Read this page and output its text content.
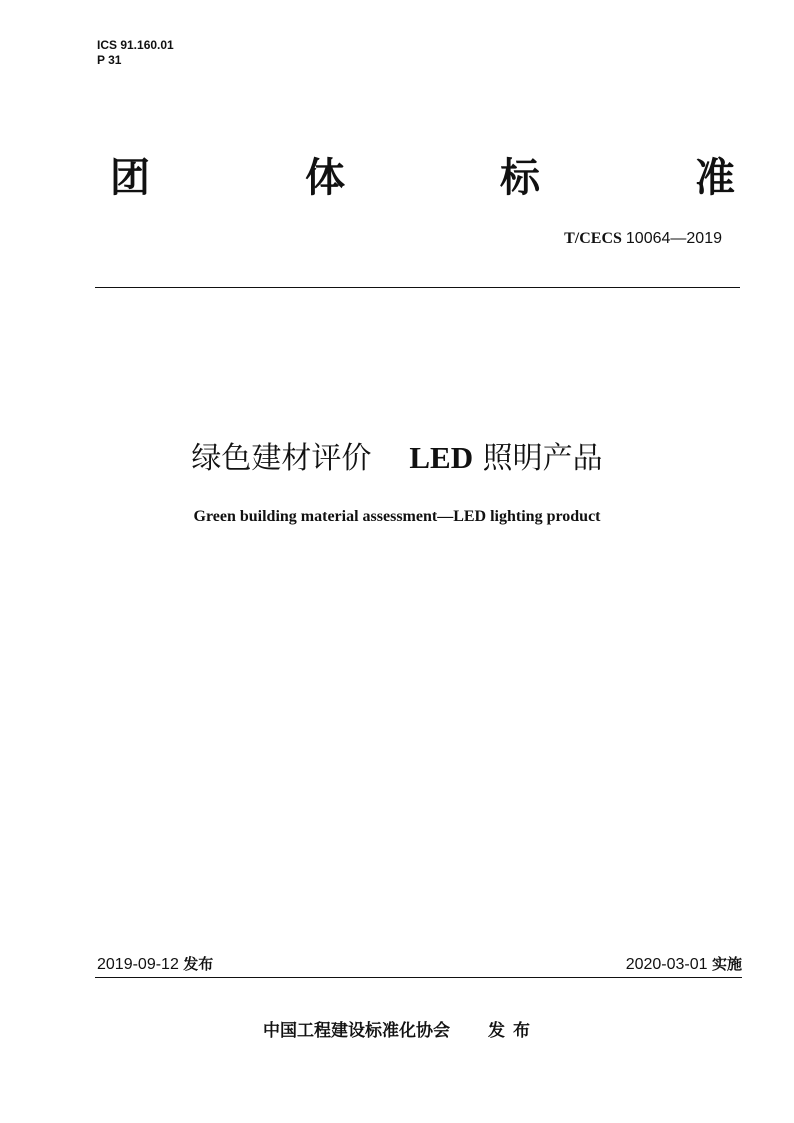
ICS 91.160.01
P 31
团	体	标	准
T/CECS 10064—2019
绿色建材评价 LED 照明产品
Green building material assessment—LED lighting product
2019-09-12 发布	2020-03-01 实施
中国工程建设标准化协会 发布
